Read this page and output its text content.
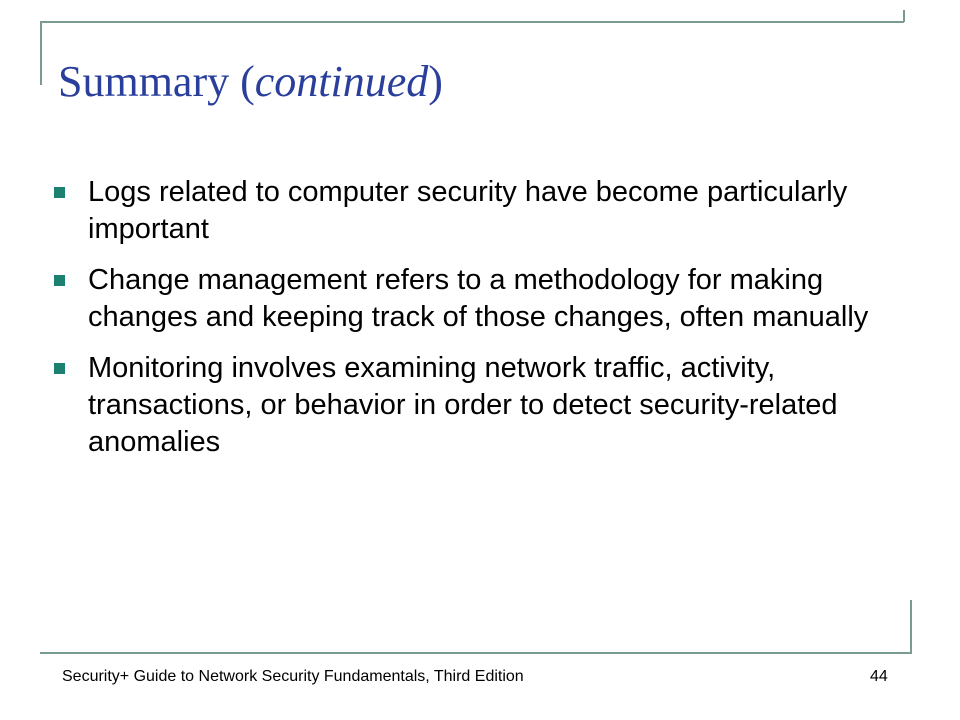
Summary (continued)
Logs related to computer security have become particularly important
Change management refers to a methodology for making changes and keeping track of those changes, often manually
Monitoring involves examining network traffic, activity, transactions, or behavior in order to detect security-related anomalies
Security+ Guide to Network Security Fundamentals, Third Edition	44
